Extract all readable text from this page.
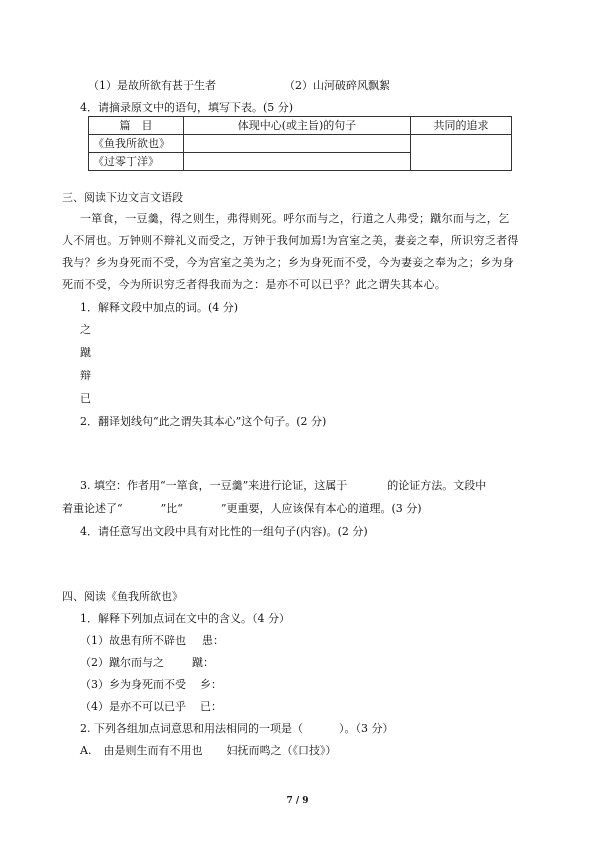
（1）是故所欲有甚于生者	（2）山河破碎风飘絮
4．请摘录原文中的语句，填写下表。(5 分)
篇　目	体现中心(或主旨)的句子	共同的追求
《鱼我所欲也》		
《过零丁洋》		
三、阅读下边文言文语段
一箪食，一豆羹，得之则生，弗得则死。呼尔而与之，行道之人弗受；蹴尔而与之，乞
人不屑也。万钟则不辩礼义而受之，万钟于我何加焉!为宫室之美，妻妾之奉，所识穷乏者得
我与？乡为身死而不受，今为宫室之美为之；乡为身死而不受，今为妻妾之奉为之；乡为身
死而不受，今为所识穷乏者得我而为之：是亦不可以已乎？此之谓失其本心。
1．解释文段中加点的词。(4 分)
之
蹴
辩
已
2．翻译划线句“此之谓失其本心”这个句子。(2 分)
3. 填空：作者用“一箪食，一豆羹”来进行论证，这属于	的论证方法。文段中
着重论述了“	”比“	”更重要，人应该保有本心的道理。(3 分)
4．请任意写出文段中具有对比性的一组句子(内容)。(2 分)
四、阅读《鱼我所欲也》
1．解释下列加点词在文中的含义。（4 分）
（1）故患有所不辟也 患：
（2）蹴尔而与之	蹴：
（3）乡为身死而不受 乡：
（4）是亦不可以已乎 已：
2. 下列各组加点词意思和用法相同的一项是（	）。（3 分）
A. 由是则生而有不用也 妇抚而鸣之（《口技》）
7 / 9
